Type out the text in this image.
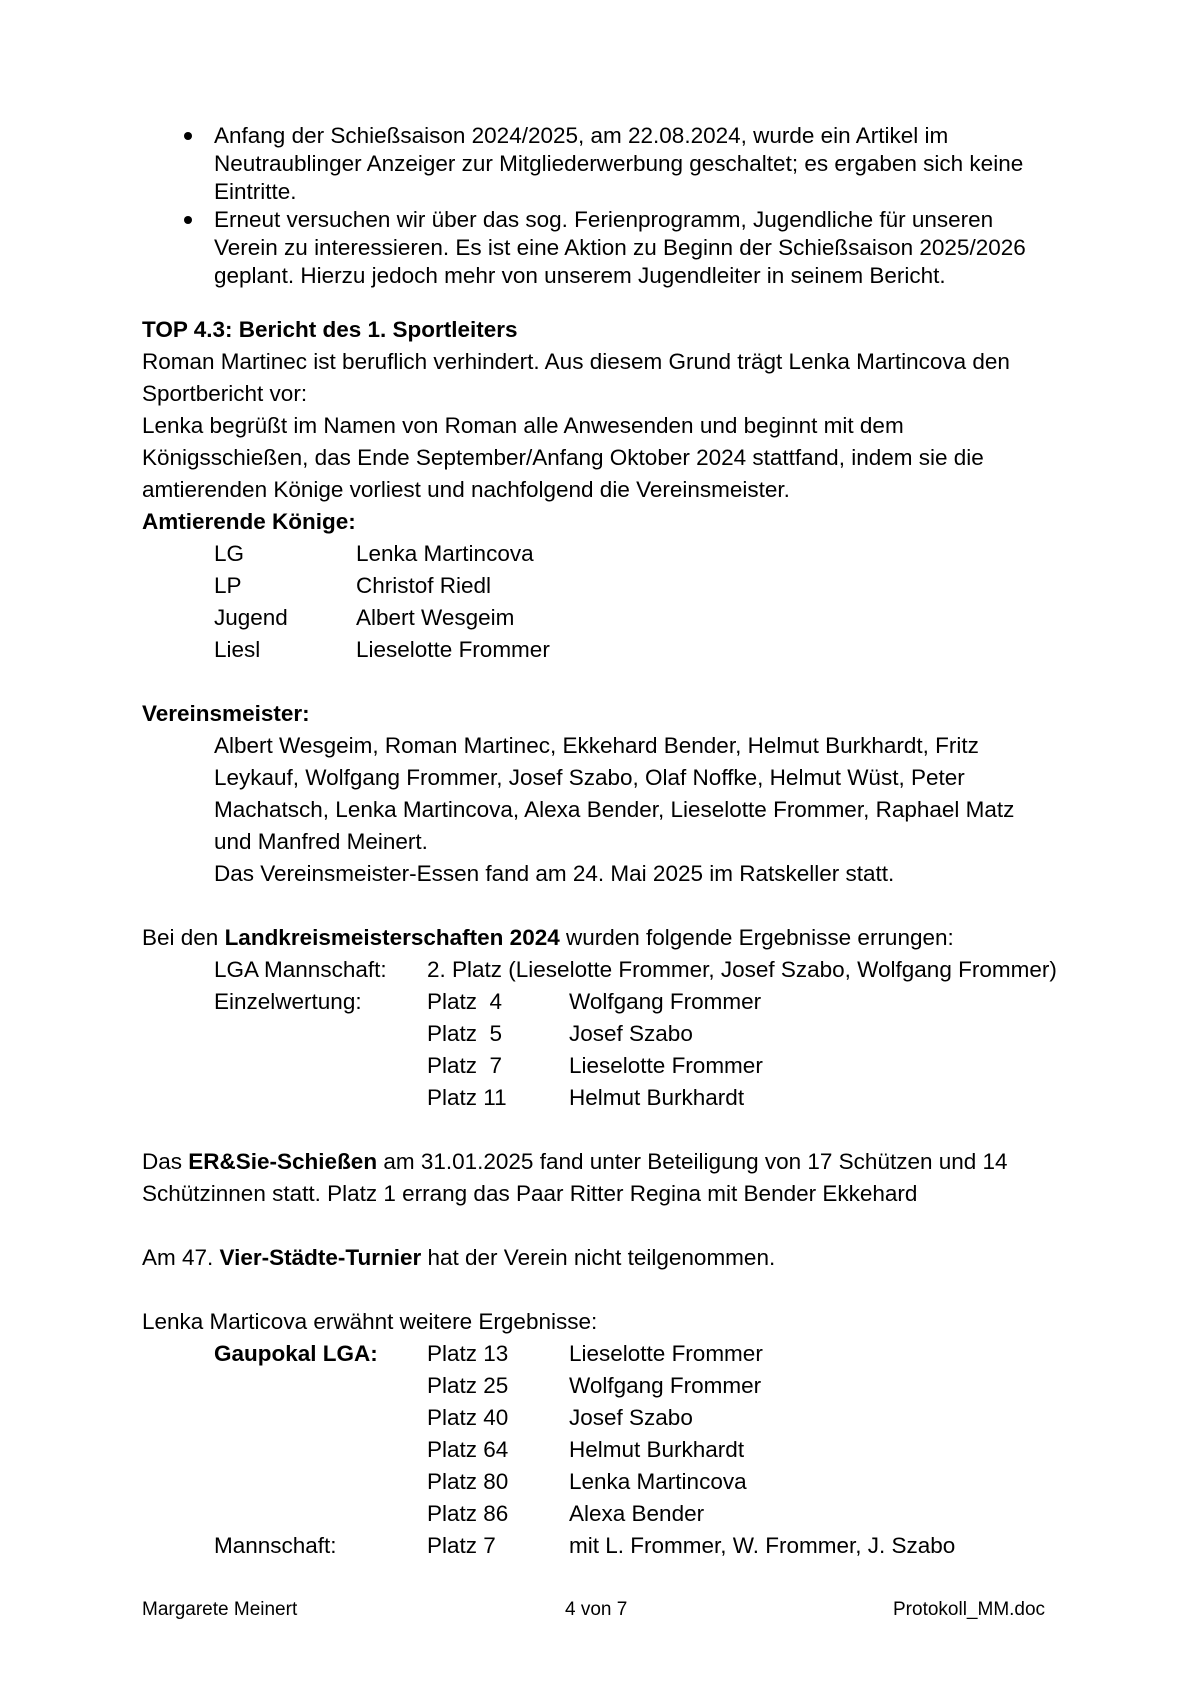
Anfang der Schießsaison 2024/2025, am 22.08.2024, wurde ein Artikel im

Neutraublinger Anzeiger zur Mitgliederwerbung geschaltet; es ergaben sich keine

Eintritte.

Erneut versuchen wir über das sog. Ferienprogramm, Jugendliche für unseren

Verein zu interessieren. Es ist eine Aktion zu Beginn der Schießsaison 2025/2026

geplant. Hierzu jedoch mehr von unserem Jugendleiter in seinem Bericht.

TOP 4.3: Bericht des 1. Sportleiters

Roman Martinec ist beruflich verhindert. Aus diesem Grund trägt Lenka Martincova den

Sportbericht vor:

Lenka begrüßt im Namen von Roman alle Anwesenden und beginnt mit dem

Königsschießen, das Ende September/Anfang Oktober 2024 stattfand, indem sie die

amtierenden Könige vorliest und nachfolgend die Vereinsmeister.

Amtierende Könige:

LG	Lenka Martincova

LP	Christof Riedl

Jugend	Albert Wesgeim

Liesl	Lieselotte Frommer

Vereinsmeister:

Albert Wesgeim, Roman Martinec, Ekkehard Bender, Helmut Burkhardt, Fritz

Leykauf, Wolfgang Frommer, Josef Szabo, Olaf Noffke, Helmut Wüst, Peter

Machatsch, Lenka Martincova, Alexa Bender, Lieselotte Frommer, Raphael Matz

und Manfred Meinert.

Das Vereinsmeister-Essen fand am 24. Mai 2025 im Ratskeller statt.

Bei den Landkreismeisterschaften 2024 wurden folgende Ergebnisse errungen:

LGA Mannschaft: 2. Platz (Lieselotte Frommer, Josef Szabo, Wolfgang Frommer)

Einzelwertung:	Platz  4	Wolfgang Frommer

Platz  5	Josef Szabo

Platz  7	Lieselotte Frommer

Platz 11	Helmut Burkhardt

Das ER&Sie-Schießen am 31.01.2025 fand unter Beteiligung von 17 Schützen und 14

Schützinnen statt. Platz 1 errang das Paar Ritter Regina mit Bender Ekkehard

Am 47. Vier-Städte-Turnier hat der Verein nicht teilgenommen.

Lenka Marticova erwähnt weitere Ergebnisse:

Gaupokal LGA: Platz 13	Lieselotte Frommer

Platz 25	Wolfgang Frommer

Platz 40	Josef Szabo

Platz 64	Helmut Burkhardt

Platz 80	Lenka Martincova

Platz 86	Alexa Bender

Mannschaft:	Platz 7	mit L. Frommer, W. Frommer, J. Szabo

Margarete Meinert	4 von 7	Protokoll_MM.doc
